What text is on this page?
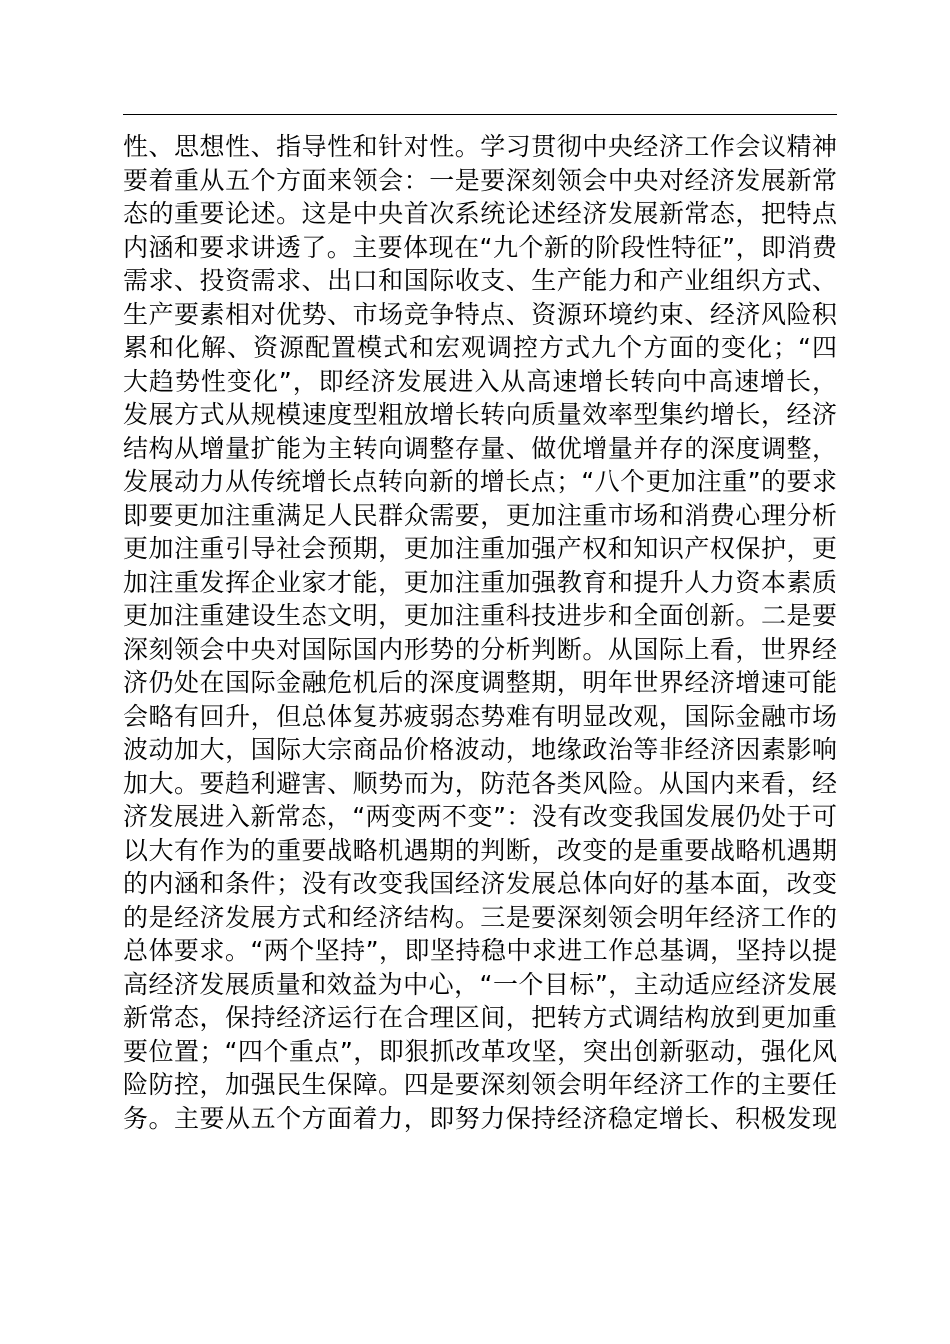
性、思想性、指导性和针对性。学习贯彻中央经济工作会议精神
要着重从五个方面来领会：一是要深刻领会中央对经济发展新常
态的重要论述。这是中央首次系统论述经济发展新常态，把特点
内涵和要求讲透了。主要体现在“九个新的阶段性特征”，即消费
需求、投资需求、出口和国际收支、生产能力和产业组织方式、
生产要素相对优势、市场竞争特点、资源环境约束、经济风险积
累和化解、资源配置模式和宏观调控方式九个方面的变化；“四
大趋势性变化”，即经济发展进入从高速增长转向中高速增长，
发展方式从规模速度型粗放增长转向质量效率型集约增长，经济
结构从增量扩能为主转向调整存量、做优增量并存的深度调整，
发展动力从传统增长点转向新的增长点；“八个更加注重”的要求
即要更加注重满足人民群众需要，更加注重市场和消费心理分析
更加注重引导社会预期，更加注重加强产权和知识产权保护，更
加注重发挥企业家才能，更加注重加强教育和提升人力资本素质
更加注重建设生态文明，更加注重科技进步和全面创新。二是要
深刻领会中央对国际国内形势的分析判断。从国际上看，世界经
济仍处在国际金融危机后的深度调整期，明年世界经济增速可能
会略有回升，但总体复苏疲弱态势难有明显改观，国际金融市场
波动加大，国际大宗商品价格波动，地缘政治等非经济因素影响
加大。要趋利避害、顺势而为，防范各类风险。从国内来看，经
济发展进入新常态，“两变两不变”：没有改变我国发展仍处于可
以大有作为的重要战略机遇期的判断，改变的是重要战略机遇期
的内涵和条件；没有改变我国经济发展总体向好的基本面，改变
的是经济发展方式和经济结构。三是要深刻领会明年经济工作的
总体要求。“两个坚持”，即坚持稳中求进工作总基调，坚持以提
高经济发展质量和效益为中心，“一个目标”，主动适应经济发展
新常态，保持经济运行在合理区间，把转方式调结构放到更加重
要位置；“四个重点”，即狠抓改革攻坚，突出创新驱动，强化风
险防控，加强民生保障。四是要深刻领会明年经济工作的主要任
务。主要从五个方面着力，即努力保持经济稳定增长、积极发现
